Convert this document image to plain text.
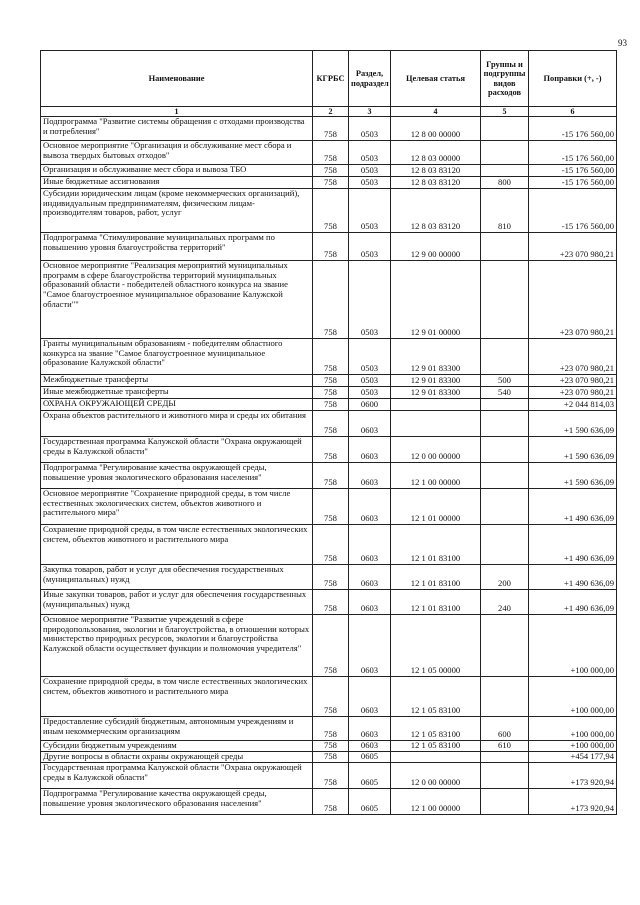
93
Наименование	КГРБС	Раздел, подраздел	Целевая статья	Группы и подгруппы видов расходов	Поправки (+, -)
1	2	3	4	5	6
Подпрограмма "Развитие системы обращения с отходами производства и потребления"	758	0503	12 8 00 00000		-15 176 560,00
Основное мероприятие "Организация и обслуживание мест сбора и вывоза твердых бытовых отходов"	758	0503	12 8 03 00000		-15 176 560,00
Организация и обслуживание мест сбора и вывоза ТБО	758	0503	12 8 03 83120		-15 176 560,00
Иные бюджетные ассигнования	758	0503	12 8 03 83120	800	-15 176 560,00
Субсидии юридическим лицам (кроме некоммерческих организаций), индивидуальным предпринимателям, физическим лицам-производителям товаров, работ, услуг	758	0503	12 8 03 83120	810	-15 176 560,00
Подпрограмма "Стимулирование муниципальных программ по повышению уровня благоустройства территорий"	758	0503	12 9 00 00000		+23 070 980,21
Основное мероприятие "Реализация мероприятий муниципальных программ в сфере благоустройства территорий муниципальных образований области - победителей областного конкурса на звание "Самое благоустроенное муниципальное образование Калужской области""	758	0503	12 9 01 00000		+23 070 980,21
Гранты муниципальным образованиям - победителям областного конкурса на звание "Самое благоустроенное муниципальное образование Калужской области"	758	0503	12 9 01 83300		+23 070 980,21
Межбюджетные трансферты	758	0503	12 9 01 83300	500	+23 070 980,21
Иные межбюджетные трансферты	758	0503	12 9 01 83300	540	+23 070 980,21
ОХРАНА ОКРУЖАЮЩЕЙ СРЕДЫ	758	0600			+2 044 814,03
Охрана объектов растительного и животного мира и среды их обитания	758	0603			+1 590 636,09
Государственная программа Калужской области "Охрана окружающей среды в Калужской области"	758	0603	12 0 00 00000		+1 590 636,09
Подпрограмма "Регулирование качества окружающей среды, повышение уровня экологического образования населения"	758	0603	12 1 00 00000		+1 590 636,09
Основное мероприятие "Сохранение природной среды, в том числе естественных экологических систем, объектов животного и растительного мира"	758	0603	12 1 01 00000		+1 490 636,09
Сохранение природной среды, в том числе естественных экологических систем, объектов животного и растительного мира	758	0603	12 1 01 83100		+1 490 636,09
Закупка товаров, работ и услуг для обеспечения государственных (муниципальных) нужд	758	0603	12 1 01 83100	200	+1 490 636,09
Иные закупки товаров, работ и услуг для обеспечения государственных (муниципальных) нужд	758	0603	12 1 01 83100	240	+1 490 636,09
Основное мероприятие "Развитие учреждений в сфере природопользования, экологии и благоустройства, в отношении которых министерство природных ресурсов, экологии и благоустройства Калужской области осуществляет функции и полномочия учредителя"	758	0603	12 1 05 00000		+100 000,00
Сохранение природной среды, в том числе естественных экологических систем, объектов животного и растительного мира	758	0603	12 1 05 83100		+100 000,00
Предоставление субсидий бюджетным, автономным учреждениям и иным некоммерческим организациям	758	0603	12 1 05 83100	600	+100 000,00
Субсидии бюджетным учреждениям	758	0603	12 1 05 83100	610	+100 000,00
Другие вопросы в области охраны окружающей среды	758	0605			+454 177,94
Государственная программа Калужской области "Охрана окружающей среды в Калужской области"	758	0605	12 0 00 00000		+173 920,94
Подпрограмма "Регулирование качества окружающей среды, повышение уровня экологического образования населения"	758	0605	12 1 00 00000		+173 920,94
